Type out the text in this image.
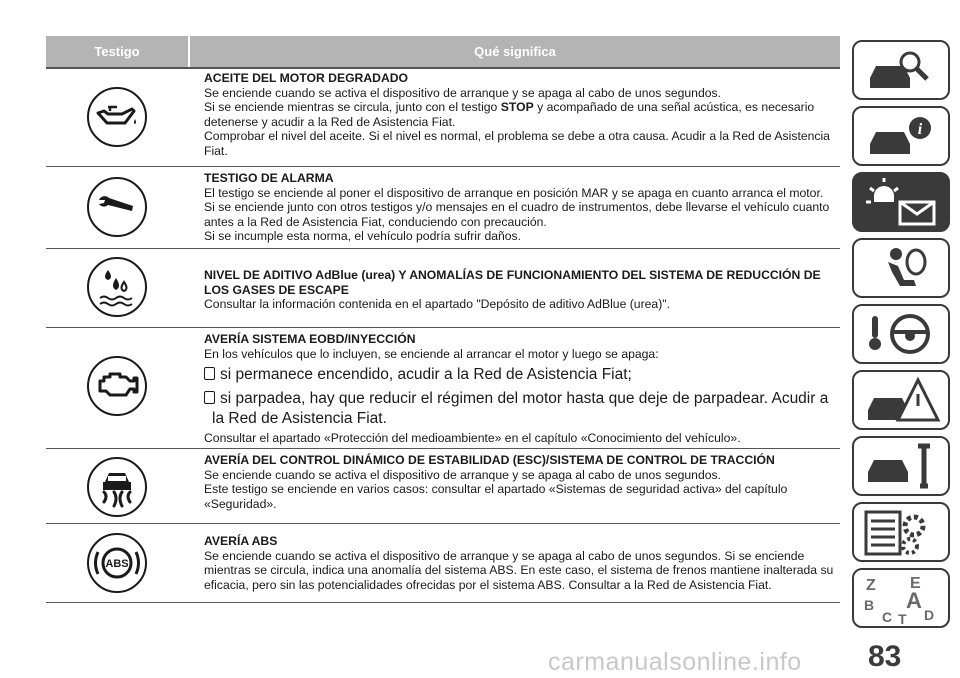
Testigo	Qué significa
ACEITE DEL MOTOR DEGRADADO
Se enciende cuando se activa el dispositivo de arranque y se apaga al cabo de unos segundos.
Si se enciende mientras se circula, junto con el testigo STOP y acompañado de una señal acústica, es necesario detenerse y acudir a la Red de Asistencia Fiat.
Comprobar el nivel del aceite. Si el nivel es normal, el problema se debe a otra causa. Acudir a la Red de Asistencia Fiat.
TESTIGO DE ALARMA
El testigo se enciende al poner el dispositivo de arranque en posición MAR y se apaga en cuanto arranca el motor.
Si se enciende junto con otros testigos y/o mensajes en el cuadro de instrumentos, debe llevarse el vehículo cuanto antes a la Red de Asistencia Fiat, conduciendo con precaución.
Si se incumple esta norma, el vehículo podría sufrir daños.
NIVEL DE ADITIVO AdBlue (urea) Y ANOMALÍAS DE FUNCIONAMIENTO DEL SISTEMA DE REDUCCIÓN DE LOS GASES DE ESCAPE
Consultar la información contenida en el apartado "Depósito de aditivo AdBlue (urea)".
AVERÍA SISTEMA EOBD/INYECCIÓN
En los vehículos que lo incluyen, se enciende al arrancar el motor y luego se apaga:
si permanece encendido, acudir a la Red de Asistencia Fiat;
si parpadea, hay que reducir el régimen del motor hasta que deje de parpadear. Acudir a la Red de Asistencia Fiat.
Consultar el apartado «Protección del medioambiente» en el capítulo «Conocimiento del vehículo».
AVERÍA DEL CONTROL DINÁMICO DE ESTABILIDAD (ESC)/SISTEMA DE CONTROL DE TRACCIÓN
Se enciende cuando se activa el dispositivo de arranque y se apaga al cabo de unos segundos.
Este testigo se enciende en varios casos: consultar el apartado «Sistemas de seguridad activa» del capítulo «Seguridad».
ABS
AVERÍA ABS
Se enciende cuando se activa el dispositivo de arranque y se apaga al cabo de unos segundos. Si se enciende mientras se circula, indica una anomalía del sistema ABS. En este caso, el sistema de frenos mantiene inalterada su eficacia, pero sin las potencialidades ofrecidas por el sistema ABS. Consultar a la Red de Asistencia Fiat.
i
Z E
B A
C D
T
83
carmanualsonline.info
